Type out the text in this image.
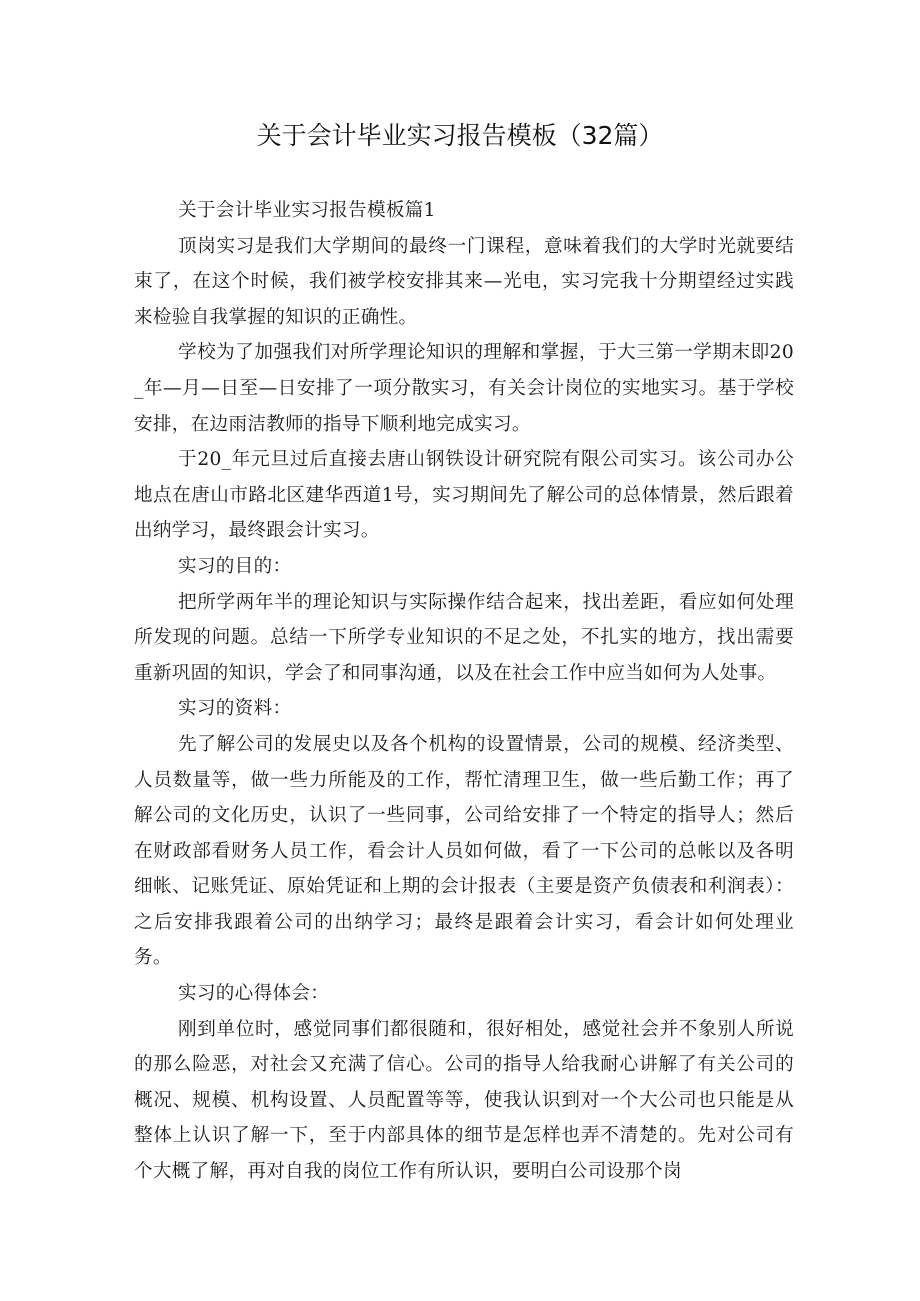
关于会计毕业实习报告模板（32篇）

关于会计毕业实习报告模板篇1

顶岗实习是我们大学期间的最终一门课程，意味着我们的大学时光就要结束了，在这个时候，我们被学校安排其来—光电，实习完我十分期望经过实践来检验自我掌握的知识的正确性。

学校为了加强我们对所学理论知识的理解和掌握，于大三第一学期末即20_年—月—日至—日安排了一项分散实习，有关会计岗位的实地实习。基于学校安排，在边雨洁教师的指导下顺利地完成实习。

于20_年元旦过后直接去唐山钢铁设计研究院有限公司实习。该公司办公地点在唐山市路北区建华西道1号，实习期间先了解公司的总体情景，然后跟着出纳学习，最终跟会计实习。

实习的目的：

把所学两年半的理论知识与实际操作结合起来，找出差距，看应如何处理所发现的问题。总结一下所学专业知识的不足之处，不扎实的地方，找出需要重新巩固的知识，学会了和同事沟通，以及在社会工作中应当如何为人处事。

实习的资料：

先了解公司的发展史以及各个机构的设置情景，公司的规模、经济类型、人员数量等，做一些力所能及的工作，帮忙清理卫生，做一些后勤工作；再了解公司的文化历史，认识了一些同事，公司给安排了一个特定的指导人；然后在财政部看财务人员工作，看会计人员如何做，看了一下公司的总帐以及各明细帐、记账凭证、原始凭证和上期的会计报表（主要是资产负债表和利润表）：之后安排我跟着公司的出纳学习；最终是跟着会计实习，看会计如何处理业务。

实习的心得体会：

刚到单位时，感觉同事们都很随和，很好相处，感觉社会并不象别人所说的那么险恶，对社会又充满了信心。公司的指导人给我耐心讲解了有关公司的概况、规模、机构设置、人员配置等等，使我认识到对一个大公司也只能是从整体上认识了解一下，至于内部具体的细节是怎样也弄不清楚的。先对公司有个大概了解，再对自我的岗位工作有所认识，要明白公司设那个岗
